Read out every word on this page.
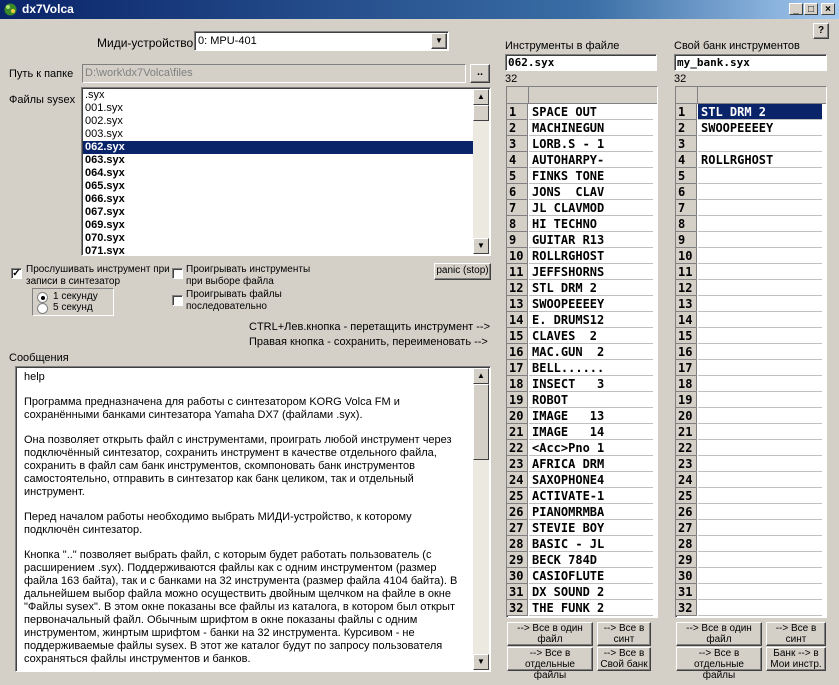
dx7Volca	_ □	×
?
Миди-устройство 0: MPU-401	▼
Путь к папке D:\work\dx7Volca\files	..
Файлы sysex .syx
001.syx
002.syx
003.syx
062.syx
063.syx
064.syx
065.syx
066.syx
067.syx
069.syx
070.syx
071.syx
▲
▼
✓ Прослушивать инструмент при
записи в синтезатор
1 секунду
5 секунд
Проигрывать инструменты
при выборе файла
Проигрывать файлы
последовательно
panic (stop)
CTRL+Лев.кнопка - перетащить инструмент -->
Правая кнопка - сохранить, переименовать -->
Сообщения

help

Программа предназначена для работы с синтезатором KORG Volca FM и сохранёнными банками синтезатора Yamaha DX7 (файлами .syx).

Она позволяет открыть файл с инструментами, проиграть любой инструмент через подключённый синтезатор, сохранить инструмент в качестве отдельного файла, сохранить в файл сам банк инструментов, скомпоновать банк инструментов самостоятельно, отправить в синтезатор как банк целиком, так и отдельный инструмент.

Перед началом работы необходимо выбрать МИДИ-устройство, к которому подключён синтезатор.

Кнопка ".." позволяет выбрать файл, с которым будет работать пользователь (с расширением .syx). Поддерживаются файлы как с одним инструментом (размер файла 163 байта), так и с банками на 32 инструмента (размер файла 4104 байта). В дальнейшем выбор файла можно осуществить двойным щелчком на файле в окне "Файлы sysex". В этом окне показаны все файлы из каталога, в котором был открыт первоначальный файл. Обычным шрифтом в окне показаны файлы с одним инструментом, жинртым шрифтом - банки на 32 инструмента. Курсивом - не поддерживаемые файлы sysex. В этот же каталог будут по запросу пользователя сохраняться файлы инструментов и банков.

▲
▼
Инструменты в файле
062.syx
32
1	SPACE OUT
2	MACHINEGUN
3	LORB.S - 1
4	AUTOHARPY-
5	FINKS TONE
6	JONS  CLAV
7	JL CLAVMOD
8	HI TECHNO
9	GUITAR R13
10 ROLLRGHOST
11 JEFFSHORNS
12 STL DRM 2
13 SWOOPEEEEY
14 E. DRUMS12
15 CLAVES  2
16 MAC.GUN  2
17 BELL......
18 INSECT   3
19 ROBOT
20 IMAGE   13
21 IMAGE   14
22 <Acc>Pno 1
23 AFRICA DRM
24 SAXOPHONE4
25 ACTIVATE-1
26 PIANOMRMBA
27 STEVIE BOY
28 BASIC - JL
29 BECK 784D
30 CASIOFLUTE
31 DX SOUND 2
32 THE FUNK 2
--> Все в один файл
--> Все в синт
--> Все в отдельные файлы
--> Все в Свой банк
Свой банк инструментов
my_bank.syx
32
1	STL DRM 2
2	SWOOPEEEEY
3
4	ROLLRGHOST
5
6
7
8
9
10
11
12
13
14
15
16
17
18
19
20
21
22
23
24
25
26
27
28
29
30
31
32
--> Все в один файл
--> Все в синт
--> Все в отдельные файлы
Банк --> в Мои инстр.
